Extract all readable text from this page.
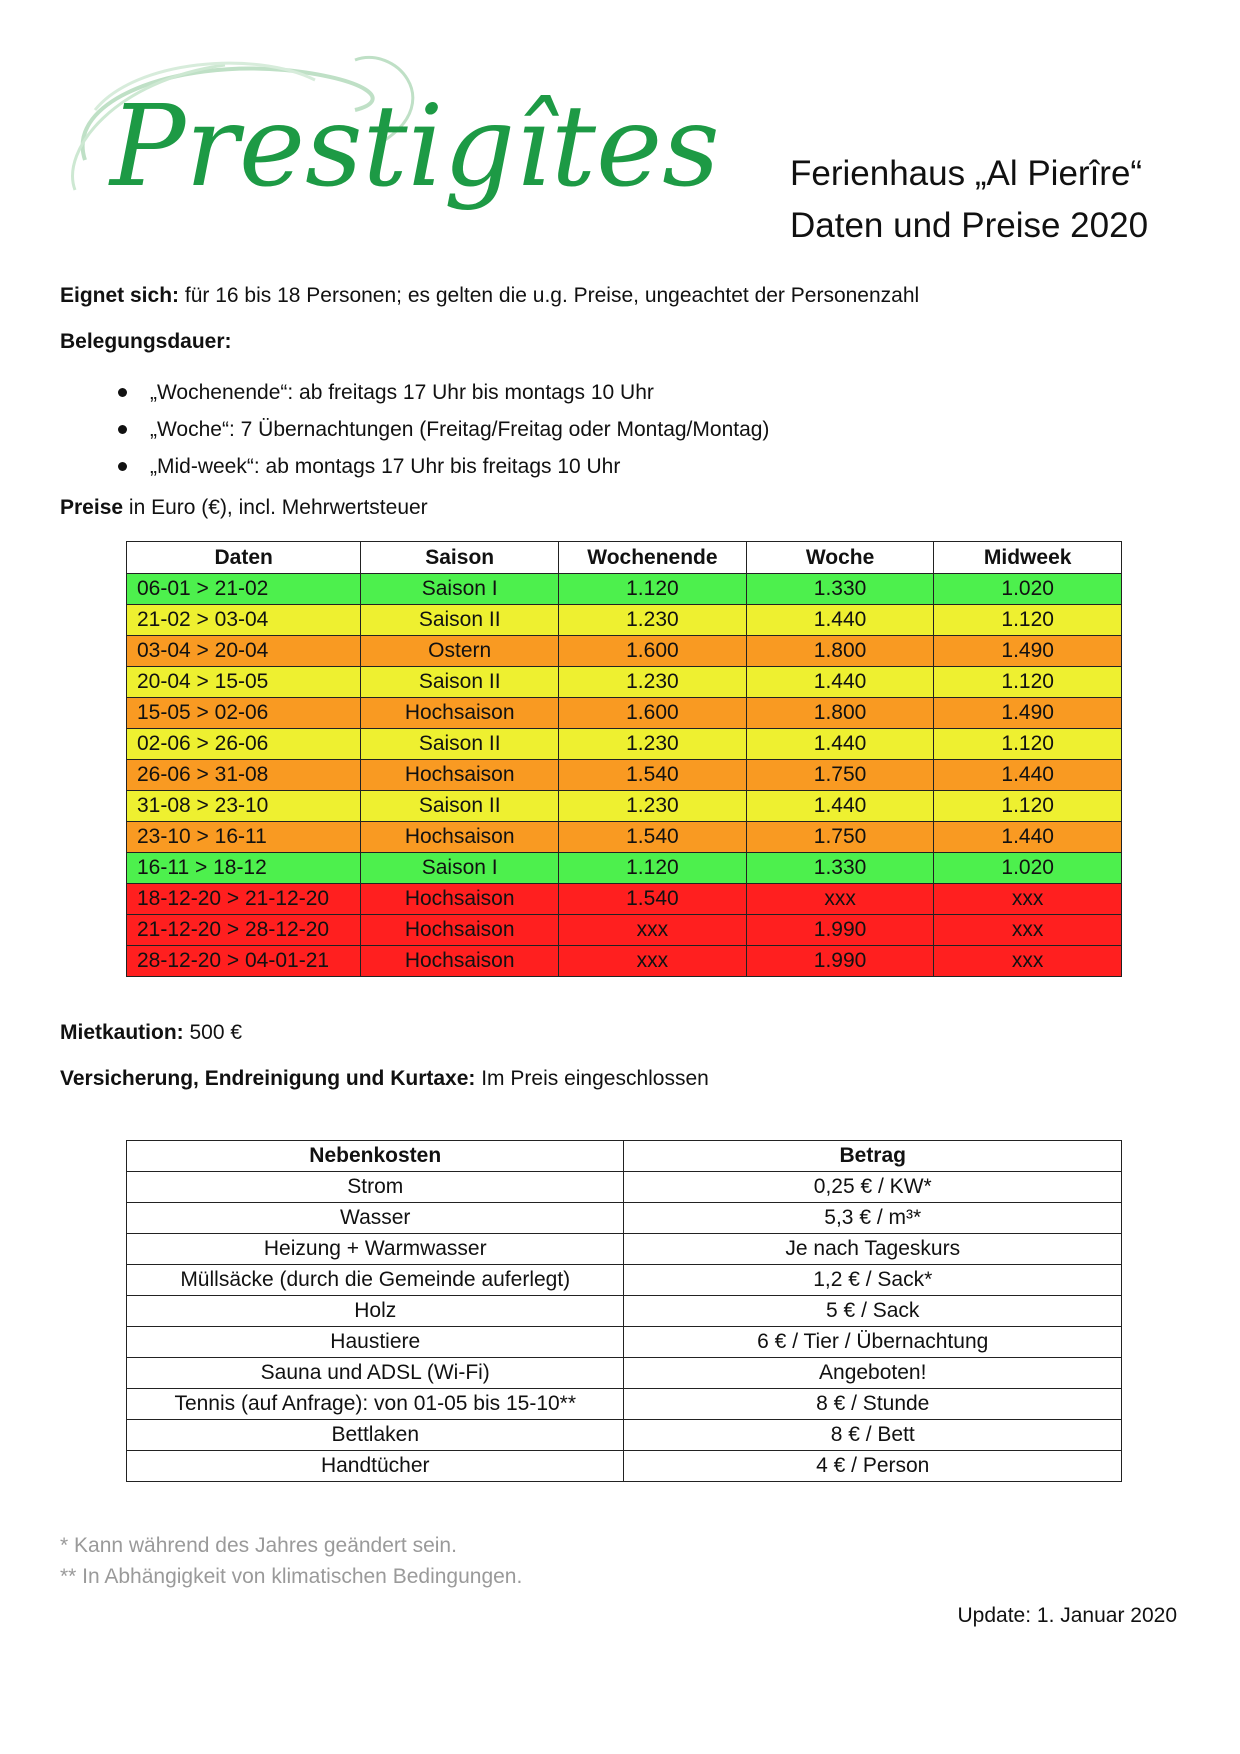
Prestigîtes Ferienhaus „Al Pierîre“
Daten und Preise 2020
Eignet sich: für 16 bis 18 Personen; es gelten die u.g. Preise, ungeachtet der Personenzahl
Belegungsdauer:
„Wochenende“: ab freitags 17 Uhr bis montags 10 Uhr
„Woche“: 7 Übernachtungen (Freitag/Freitag oder Montag/Montag)
„Mid-week“: ab montags 17 Uhr bis freitags 10 Uhr
Preise in Euro (€), incl. Mehrwertsteuer
Daten	Saison	Wochenende	Woche	Midweek
06-01 > 21-02	Saison I	1.120	1.330	1.020
21-02 > 03-04	Saison II	1.230	1.440	1.120
03-04 > 20-04	Ostern	1.600	1.800	1.490
20-04 > 15-05	Saison II	1.230	1.440	1.120
15-05 > 02-06	Hochsaison	1.600	1.800	1.490
02-06 > 26-06	Saison II	1.230	1.440	1.120
26-06 > 31-08	Hochsaison	1.540	1.750	1.440
31-08 > 23-10	Saison II	1.230	1.440	1.120
23-10 > 16-11	Hochsaison	1.540	1.750	1.440
16-11 > 18-12	Saison I	1.120	1.330	1.020
18-12-20 > 21-12-20	Hochsaison	1.540	xxx	xxx
21-12-20 > 28-12-20	Hochsaison	xxx	1.990	xxx
28-12-20 > 04-01-21	Hochsaison	xxx	1.990	xxx
Mietkaution: 500 €
Versicherung, Endreinigung und Kurtaxe: Im Preis eingeschlossen
Nebenkosten	Betrag
Strom	0,25 € / KW*
Wasser	5,3 € / m³*
Heizung + Warmwasser	Je nach Tageskurs
Müllsäcke (durch die Gemeinde auferlegt)	1,2 € / Sack*
Holz	5 € / Sack
Haustiere	6 € / Tier / Übernachtung
Sauna und ADSL (Wi-Fi)	Angeboten!
Tennis (auf Anfrage): von 01-05 bis 15-10**	8 € / Stunde
Bettlaken	8 € / Bett
Handtücher	4 € / Person
* Kann während des Jahres geändert sein.
** In Abhängigkeit von klimatischen Bedingungen.
Update: 1. Januar 2020
